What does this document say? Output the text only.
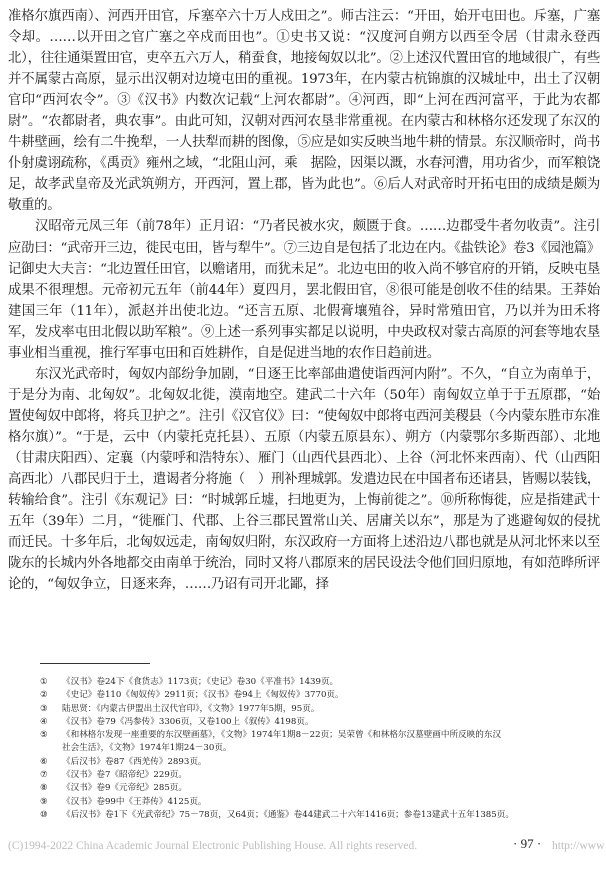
准格尔旗西南）、河西开田官，斥塞卒六十万人戍田之”。师古注云：“开田，始开屯田也。斥塞，广塞令却。……以开田之官广塞之卒戍而田也”。①史书又说：“汉度河自朔方以西至令居（甘肃永登西北），往往通渠置田官，吏卒五六万人，稍蚕食，地接匈奴以北”。②上述汉代置田官的地域很广，有些并不属蒙古高原，显示出汉朝对边境屯田的重视。1973年，在内蒙古杭锦旗的汉城址中，出土了汉朝官印“西河农令”。③《汉书》内数次记载“上河农都尉”。④河西，即“上河在西河富平，于此为农都尉”。“农都尉者，典农事”。由此可知，汉朝对西河农垦非常重视。在内蒙古和林格尔还发现了东汉的牛耕壁画，绘有二牛挽犁，一人扶犁而耕的图像，⑤应是如实反映当地牛耕的情景。东汉顺帝时，尚书仆射虞诩疏称，《禹贡》雍州之域，“北阻山河，乘　据险，因渠以溉，水春河漕，用功省少，而军粮饶足，故孝武皇帝及光武筑朔方，开西河，置上郡，皆为此也”。⑥后人对武帝时开拓屯田的成绩是颇为敬重的。

汉昭帝元凤三年（前78年）正月诏：“乃者民被水灾，颇匮于食。……边郡受牛者勿收责”。注引应劭曰：“武帝开三边，徙民屯田，皆与犁牛”。⑦三边自是包括了北边在内。《盐铁论》卷3《园池篇》记御史大夫言：“北边置任田官，以赡诸用，而犹未足”。北边屯田的收入尚不够官府的开销，反映屯垦成果不很理想。元帝初元五年（前44年）夏四月，罢北假田官，⑧很可能是创收不佳的结果。王莽始建国三年（11年），派赵并出使北边。“还言五原、北假膏壤殖谷，异时常殖田官，乃以并为田禾将军，发戍率屯田北假以助军粮”。⑨上述一系列事实都足以说明，中央政权对蒙古高原的河套等地农垦事业相当重视，推行军事屯田和百姓耕作，自是促进当地的农作日趋前进。

东汉光武帝时，匈奴内部纷争加剧，“日逐王比率部曲遣使诣西河内附”。不久，“自立为南单于，于是分为南、北匈奴”。北匈奴北徙，漠南地空。建武二十六年（50年）南匈奴立单于于五原郡，“始置使匈奴中郎将，将兵卫护之”。注引《汉官仪》曰：“使匈奴中郎将屯西河美稷县（今内蒙东胜市东准格尔旗）”。“于是，云中（内蒙托克托县）、五原（内蒙五原县东）、朔方（内蒙鄂尔多斯西部）、北地（甘肃庆阳西）、定襄（内蒙呼和浩特东）、雁门（山西代县西北）、上谷（河北怀来西南）、代（山西阳高西北）八郡民归于土，遣谒者分将施（　）刑补理城郭。发遣边民在中国者布还诸县，皆赐以装钱，转输给食”。注引《东观记》曰：“时城郭丘墟，扫地更为，上悔前徙之”。⑩所称悔徙，应是指建武十五年（39年）二月，“徙雁门、代郡、上谷三郡民置常山关、居庸关以东”，那是为了逃避匈奴的侵扰而迁民。十多年后，北匈奴远走，南匈奴归附，东汉政府一方面将上述沿边八郡也就是从河北怀来以至陇东的长城内外各地都交由南单于统治，同时又将八郡原来的居民设法令他们回归原地，有如范晔所评论的，“匈奴争立，日逐来奔，……乃诏有司开北鄙，择

① 《汉书》卷24下《食货志》1173页；《史记》卷30《平准书》1439页。

② 《史记》卷110《匈奴传》2911页；《汉书》卷94上《匈奴传》3770页。

③ 陆思贤：《内蒙古伊盟出土汉代官印》，《文物》1977年5期，95页。

④ 《汉书》卷79《冯参传》3306页，又卷100上《叙传》4198页。

⑤ 《和林格尔发现一座重要的东汉壁画墓》，《文物》1974年1期8－22页；吴荣曾《和林格尔汉墓壁画中所反映的东汉

社会生活》，《文物》1974年1期24－30页。

⑥ 《后汉书》卷87《西羌传》2893页。

⑦ 《汉书》卷7《昭帝纪》229页。

⑧ 《汉书》卷9《元帝纪》285页。

⑨ 《汉书》卷99中《王莽传》4125页。

⑩ 《后汉书》卷1下《光武帝纪》75－78页，又64页；《通鉴》卷44建武二十六年1416页；参卷13建武十五年1385页。

(C)1994-2022 China Academic Journal Electronic Publishing House. All rights reserved.	· 97 · http://www
